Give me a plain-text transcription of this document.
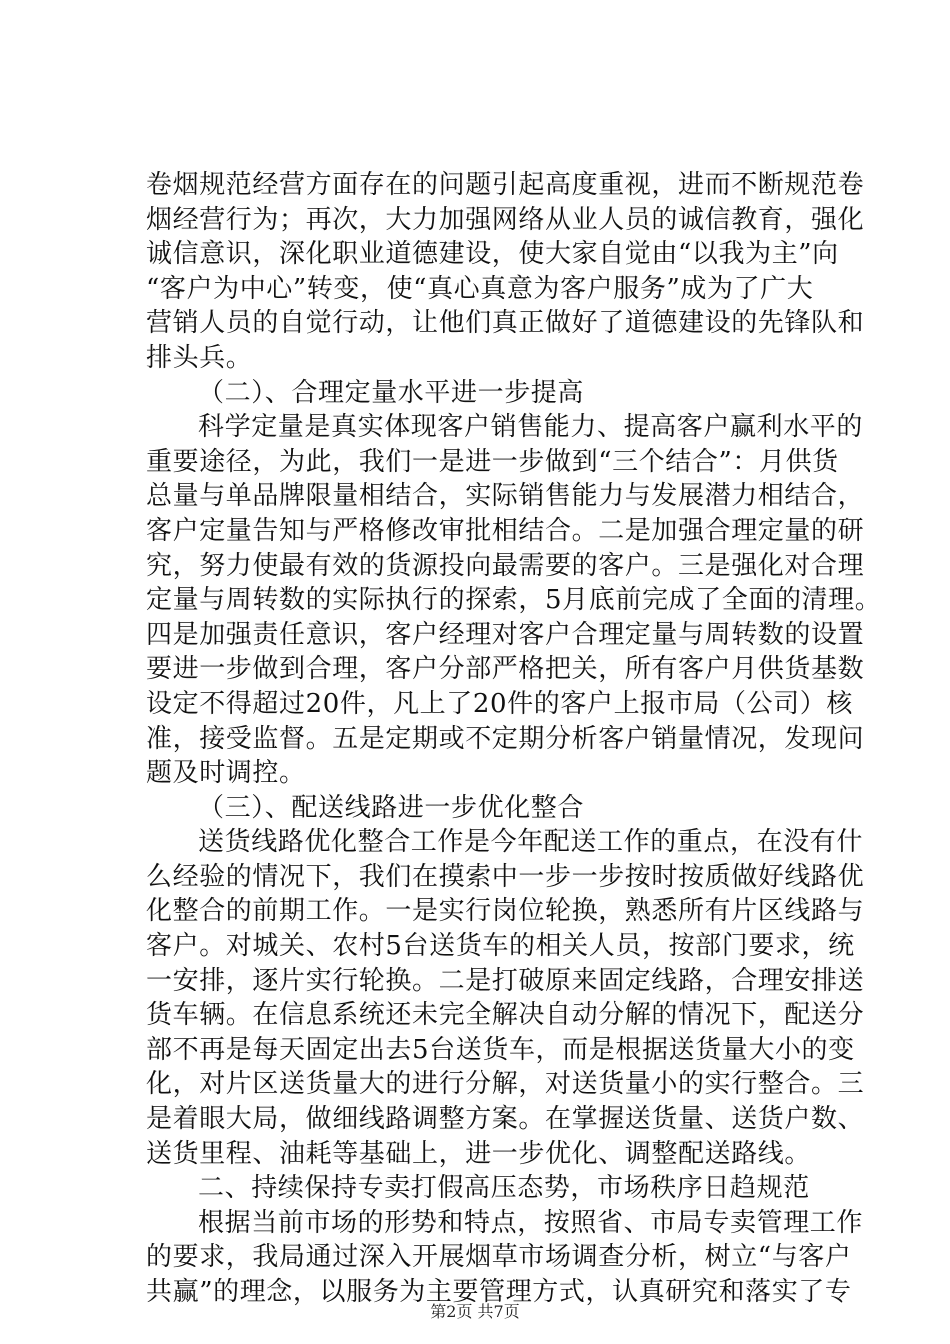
卷烟规范经营方面存在的问题引起高度重视，进而不断规范卷
烟经营行为；再次，大力加强网络从业人员的诚信教育，强化
诚信意识，深化职业道德建设，使大家自觉由“以我为主”向
“客户为中心”转变，使“真心真意为客户服务”成为了广大
营销人员的自觉行动，让他们真正做好了道德建设的先锋队和
排头兵。
（二）、合理定量水平进一步提高
科学定量是真实体现客户销售能力、提高客户赢利水平的
重要途径，为此，我们一是进一步做到“三个结合”：月供货
总量与单品牌限量相结合，实际销售能力与发展潜力相结合，
客户定量告知与严格修改审批相结合。二是加强合理定量的研
究，努力使最有效的货源投向最需要的客户。三是强化对合理
定量与周转数的实际执行的探索，5月底前完成了全面的清理。
四是加强责任意识，客户经理对客户合理定量与周转数的设置
要进一步做到合理，客户分部严格把关，所有客户月供货基数
设定不得超过20件，凡上了20件的客户上报市局（公司）核
准，接受监督。五是定期或不定期分析客户销量情况，发现问
题及时调控。
（三）、配送线路进一步优化整合
送货线路优化整合工作是今年配送工作的重点，在没有什
么经验的情况下，我们在摸索中一步一步按时按质做好线路优
化整合的前期工作。一是实行岗位轮换，熟悉所有片区线路与
客户。对城关、农村5台送货车的相关人员，按部门要求，统
一安排，逐片实行轮换。二是打破原来固定线路，合理安排送
货车辆。在信息系统还未完全解决自动分解的情况下，配送分
部不再是每天固定出去5台送货车，而是根据送货量大小的变
化，对片区送货量大的进行分解，对送货量小的实行整合。三
是着眼大局，做细线路调整方案。在掌握送货量、送货户数、
送货里程、油耗等基础上，进一步优化、调整配送路线。
二、持续保持专卖打假高压态势，市场秩序日趋规范
根据当前市场的形势和特点，按照省、市局专卖管理工作
的要求，我局通过深入开展烟草市场调查分析，树立“与客户
共赢”的理念，以服务为主要管理方式，认真研究和落实了专
第2页 共7页
